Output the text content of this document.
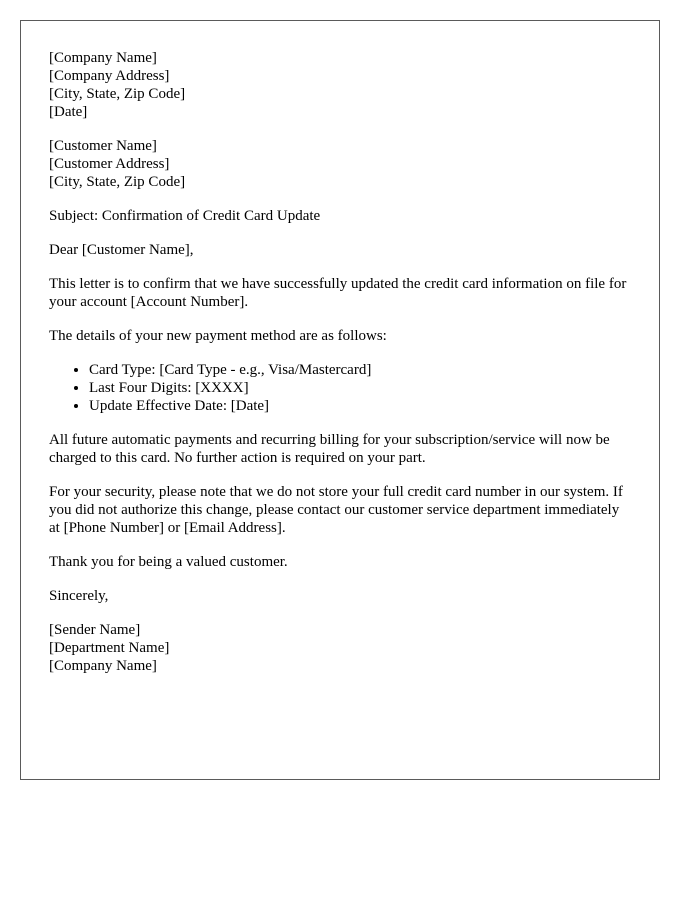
[Company Name]
[Company Address]
[City, State, Zip Code]
[Date]
[Customer Name]
[Customer Address]
[City, State, Zip Code]

Subject: Confirmation of Credit Card Update

Dear [Customer Name],

This letter is to confirm that we have successfully updated the credit card information on file for your account [Account Number].

The details of your new payment method are as follows:

• Card Type: [Card Type - e.g., Visa/Mastercard]
• Last Four Digits: [XXXX]
• Update Effective Date: [Date]

All future automatic payments and recurring billing for your subscription/service will now be charged to this card. No further action is required on your part.

For your security, please note that we do not store your full credit card number in our system. If you did not authorize this change, please contact our customer service department immediately at [Phone Number] or [Email Address].

Thank you for being a valued customer.

Sincerely,

[Sender Name]
[Department Name]
[Company Name]
